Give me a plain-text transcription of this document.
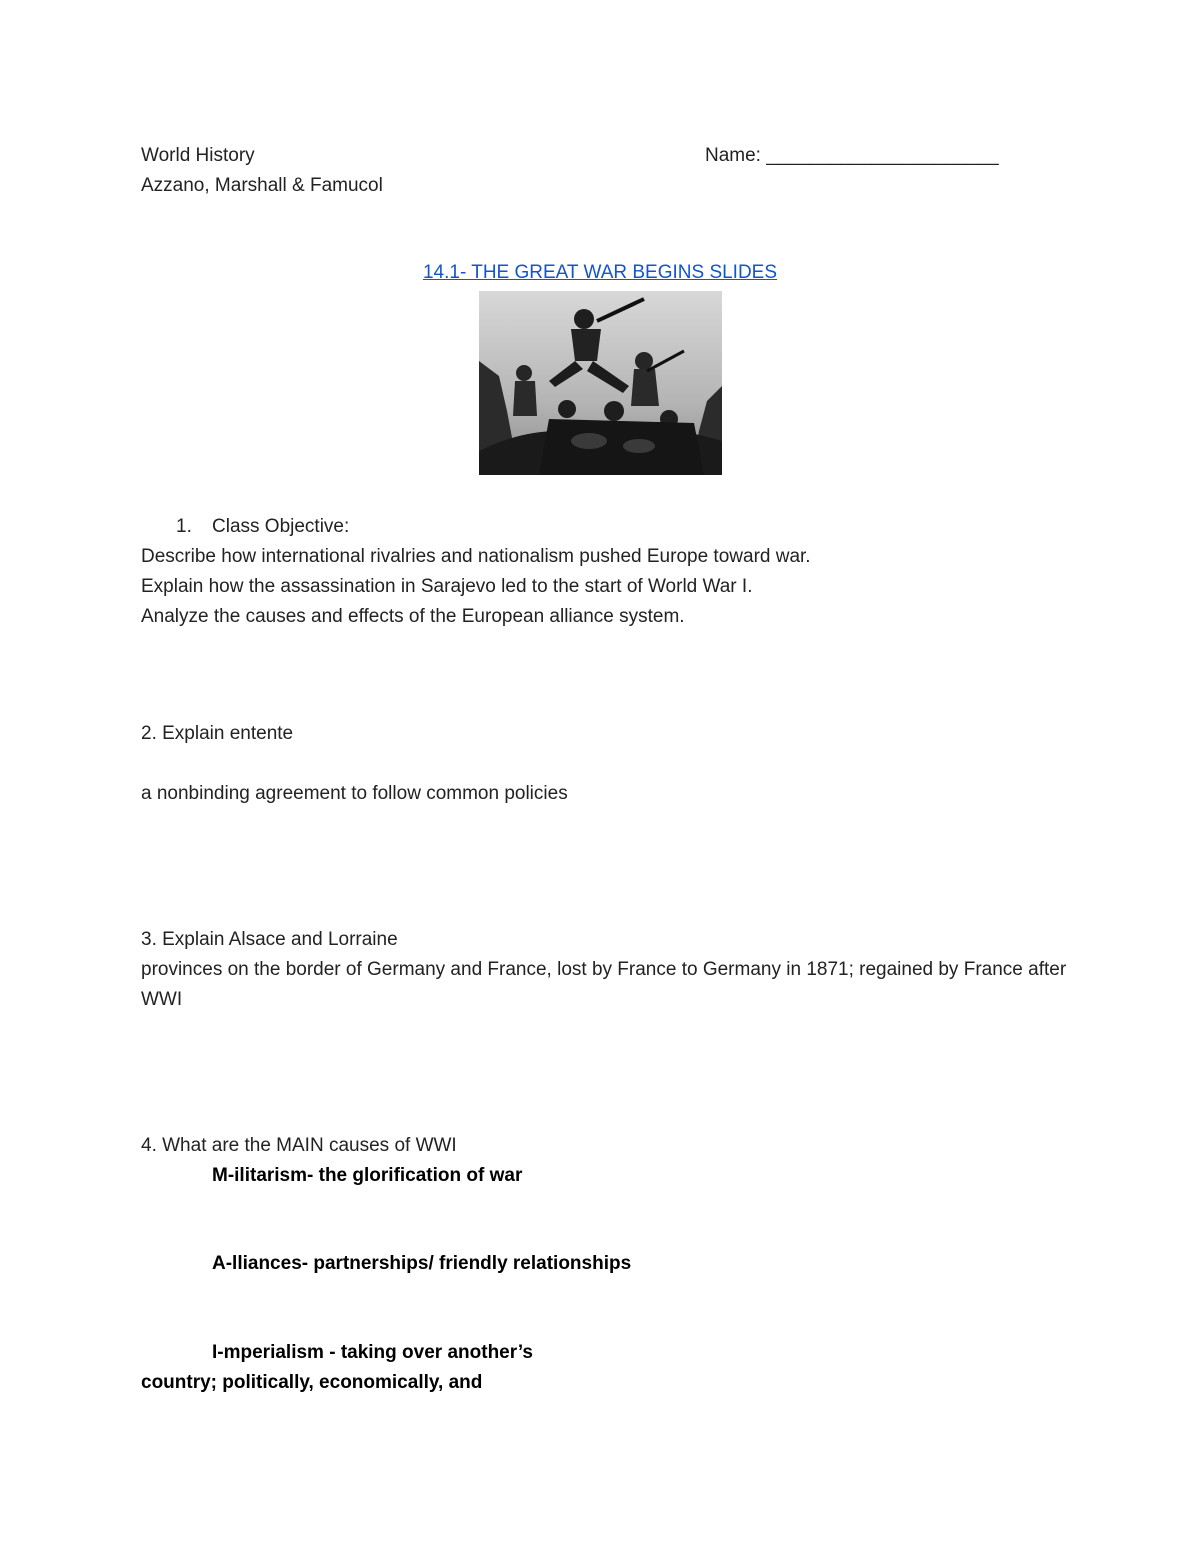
World History
Azzano, Marshall & Famucol
Name: ______________________
14.1- THE GREAT WAR BEGINS SLIDES
1. Class Objective:
Describe how international rivalries and nationalism pushed Europe toward war.
Explain how the assassination in Sarajevo led to the start of World War I.
Analyze the causes and effects of the European alliance system.
2. Explain entente
a nonbinding agreement to follow common policies
3. Explain Alsace and Lorraine
provinces on the border of Germany and France, lost by France to Germany in 1871; regained by France after WWI
4. What are the MAIN causes of WWI
M-ilitarism- the glorification of war
A-lliances- partnerships/ friendly relationships
I-mperialism - taking over another’s
country; politically, economically, and
